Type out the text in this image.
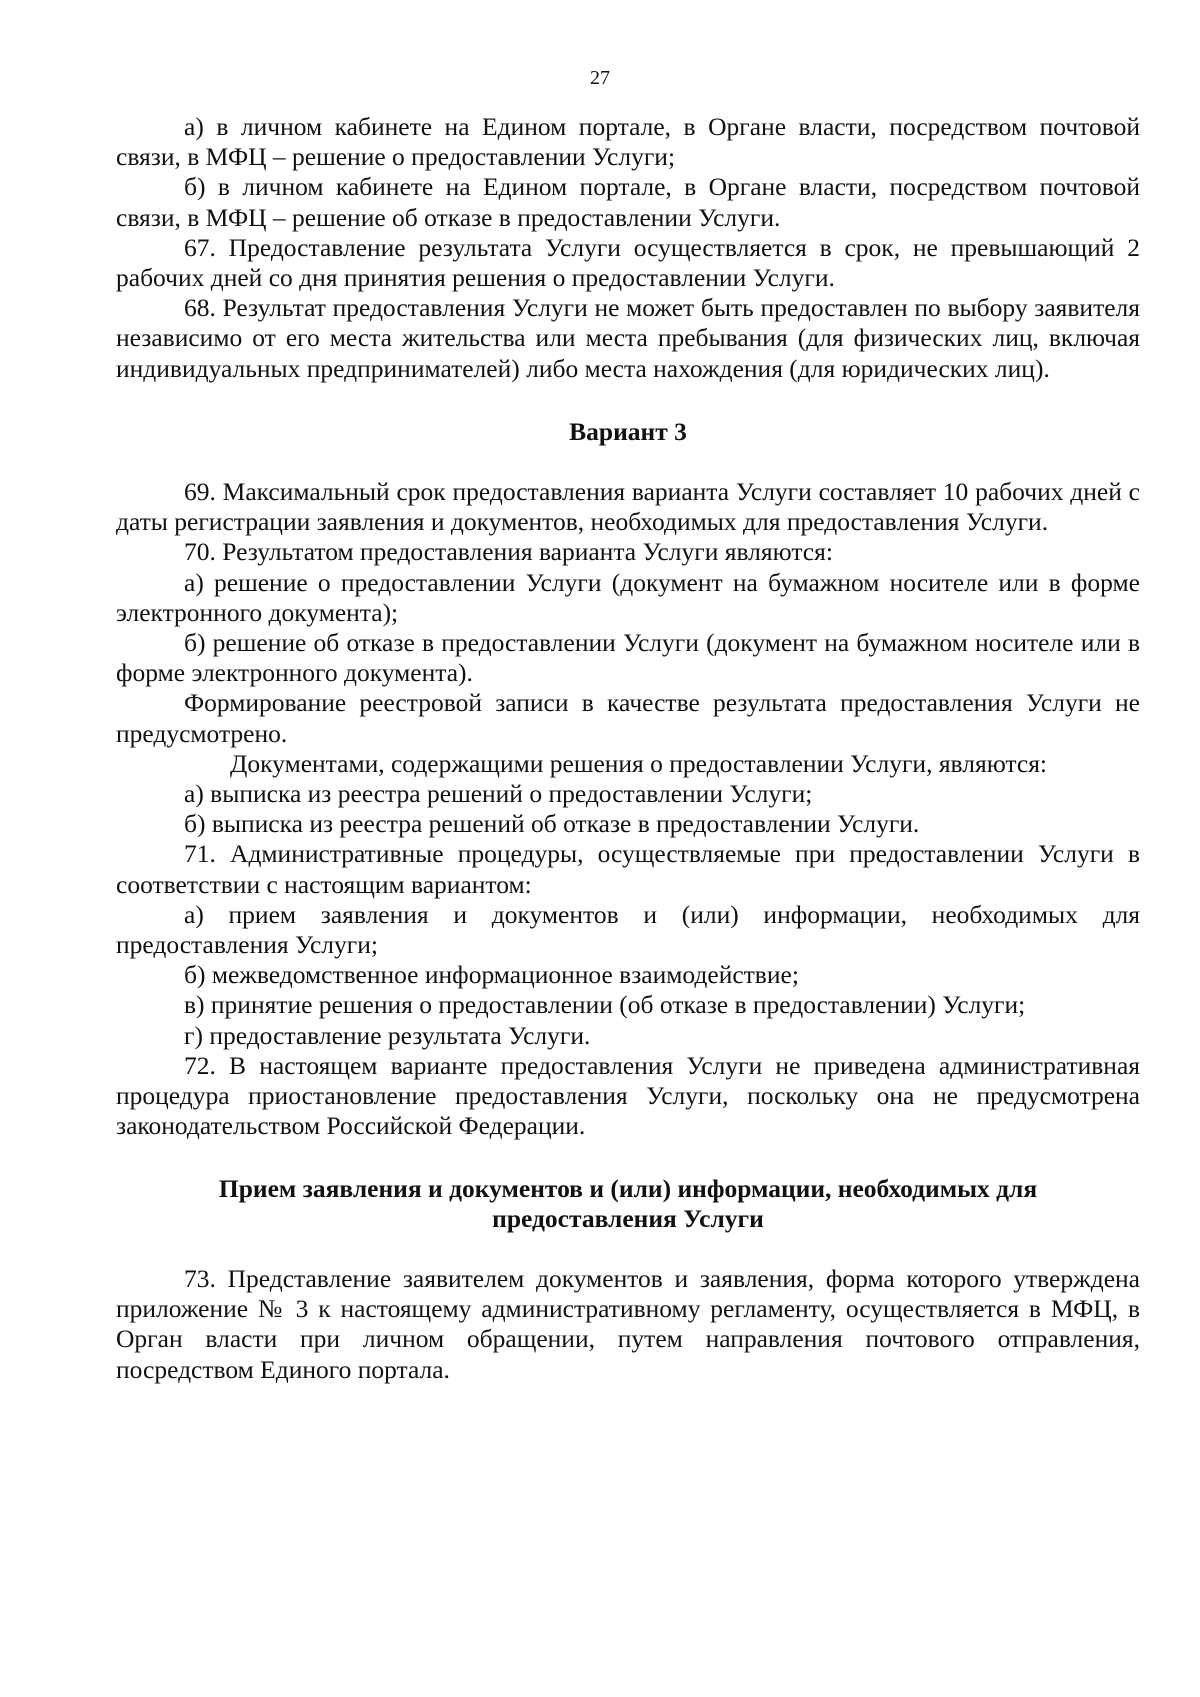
27

а) в личном кабинете на Едином портале, в Органе власти, посредством почтовой связи, в МФЦ – решение о предоставлении Услуги;

б) в личном кабинете на Едином портале, в Органе власти, посредством почтовой связи, в МФЦ – решение об отказе в предоставлении Услуги.

67. Предоставление результата Услуги осуществляется в срок, не превышающий 2 рабочих дней со дня принятия решения о предоставлении Услуги.

68. Результат предоставления Услуги не может быть предоставлен по выбору заявителя независимо от его места жительства или места пребывания (для физических лиц, включая индивидуальных предпринимателей) либо места нахождения (для юридических лиц).

Вариант 3

69. Максимальный срок предоставления варианта Услуги составляет 10 рабочих дней с даты регистрации заявления и документов, необходимых для предоставления Услуги.

70. Результатом предоставления варианта Услуги являются:

а) решение о предоставлении Услуги (документ на бумажном носителе или в форме электронного документа);

б) решение об отказе в предоставлении Услуги (документ на бумажном носителе или в форме электронного документа).

Формирование реестровой записи в качестве результата предоставления Услуги не предусмотрено.

Документами, содержащими решения о предоставлении Услуги, являются:

а) выписка из реестра решений о предоставлении Услуги;

б) выписка из реестра решений об отказе в предоставлении Услуги.

71. Административные процедуры, осуществляемые при предоставлении Услуги в соответствии с настоящим вариантом:

а) прием заявления и документов и (или) информации, необходимых для предоставления Услуги;

б) межведомственное информационное взаимодействие;

в) принятие решения о предоставлении (об отказе в предоставлении) Услуги;

г) предоставление результата Услуги.

72. В настоящем варианте предоставления Услуги не приведена административная процедура приостановление предоставления Услуги, поскольку она не предусмотрена законодательством Российской Федерации.

Прием заявления и документов и (или) информации, необходимых для
предоставления Услуги

73. Представление заявителем документов и заявления, форма которого утверждена приложение № 3 к настоящему административному регламенту, осуществляется в МФЦ, в Орган власти при личном обращении, путем направления почтового отправления, посредством Единого портала.
